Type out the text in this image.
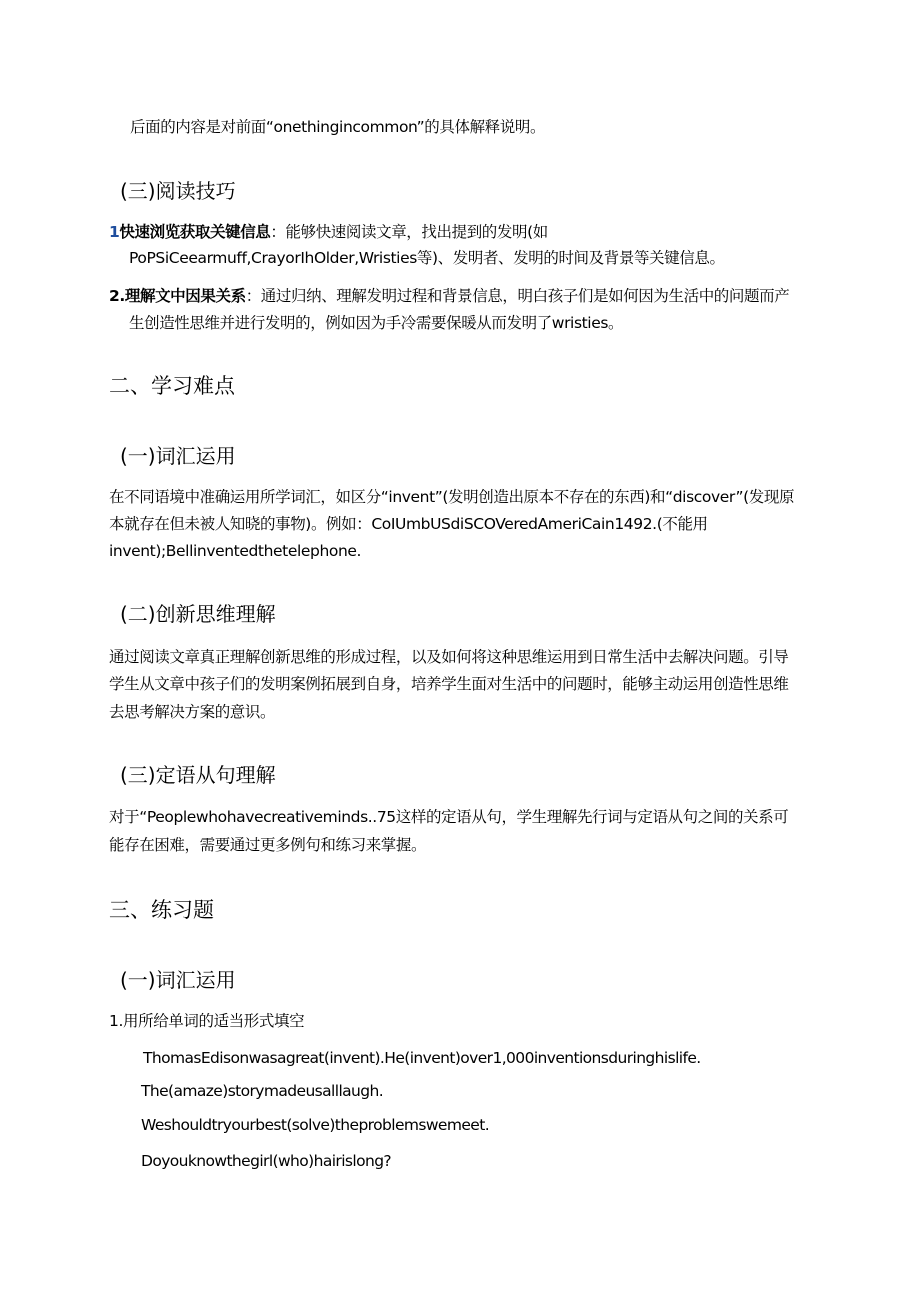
后面的内容是对前面“onethingincommon”的具体解释说明。
(三)阅读技巧
1快速浏览获取关键信息：能够快速阅读文章，找出提到的发明(如
PoPSiCeearmuff,CrayorIhOlder,Wristies等)、发明者、发明的时间及背景等关键信息。
2.理解文中因果关系：通过归纳、理解发明过程和背景信息，明白孩子们是如何因为生活中的问题而产
生创造性思维并进行发明的，例如因为手冷需要保暖从而发明了wristies。
二、学习难点
(一)词汇运用
在不同语境中准确运用所学词汇，如区分“invent”(发明创造出原本不存在的东西)和“discover”(发现原
本就存在但未被人知晓的事物)。例如：CoIUmbUSdiSCOVeredAmeriCain1492.(不能用
invent);Bellinventedthetelephone.
(二)创新思维理解
通过阅读文章真正理解创新思维的形成过程，以及如何将这种思维运用到日常生活中去解决问题。引导
学生从文章中孩子们的发明案例拓展到自身，培养学生面对生活中的问题时，能够主动运用创造性思维
去思考解决方案的意识。
(三)定语从句理解
对于“Peoplewhohavecreativeminds..75这样的定语从句，学生理解先行词与定语从句之间的关系可
能存在困难，需要通过更多例句和练习来掌握。
三、练习题
(一)词汇运用
1.用所给单词的适当形式填空
ThomasEdisonwasagreat(invent).He(invent)over1,000inventionsduringhislife.
The(amaze)storymadeusalllaugh.
Weshouldtryourbest(solve)theproblemswemeet.
Doyouknowthegirl(who)hairislong?
